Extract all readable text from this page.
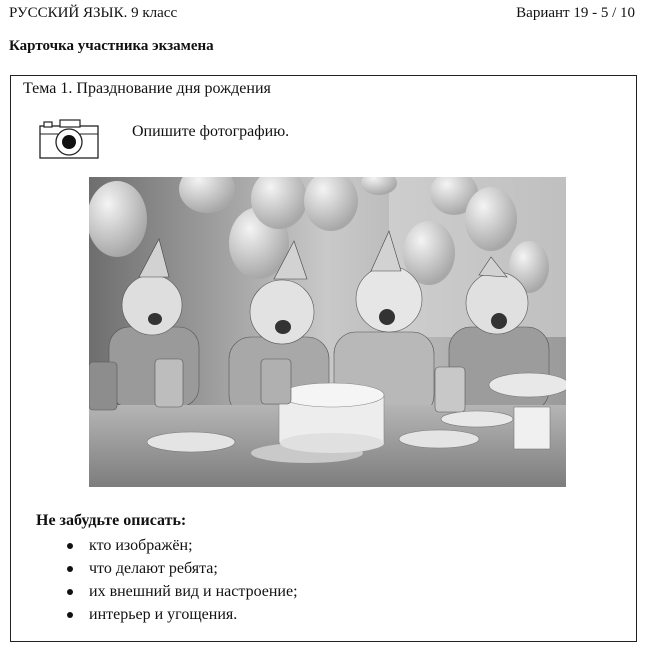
РУССКИЙ ЯЗЫК. 9 класс	Вариант 19 - 5 / 10
Карточка участника экзамена
Тема 1. Празднование дня рождения
Опишите фотографию.
Не забудьте описать:
кто изображён;
что делают ребята;
их внешний вид и настроение;
интерьер и угощения.
